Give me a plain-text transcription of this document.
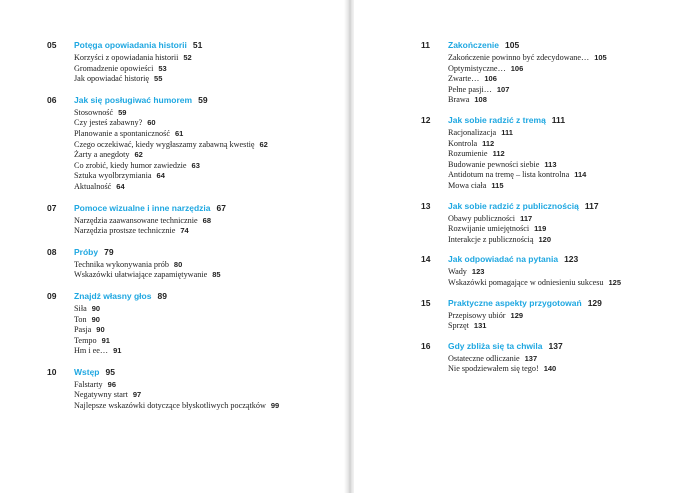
05	Potęga opowiadania historii 51
Korzyści z opowiadania historii 52
Gromadzenie opowieści 53
Jak opowiadać historię 55
06	Jak się posługiwać humorem 59
Stosowność 59
Czy jesteś zabawny? 60
Planowanie a spontaniczność 61
Czego oczekiwać, kiedy wygłaszamy zabawną kwestię 62
Żarty a anegdoty 62
Co zrobić, kiedy humor zawiedzie 63
Sztuka wyolbrzymiania 64
Aktualność 64
07	Pomoce wizualne i inne narzędzia 67
Narzędzia zaawansowane technicznie 68
Narzędzia prostsze technicznie 74
08	Próby 79
Technika wykonywania prób 80
Wskazówki ułatwiające zapamiętywanie 85
09	Znajdź własny głos 89
Siła 90
Ton 90
Pasja 90
Tempo 91
Hm i ee… 91
10	Wstęp 95
Falstarty 96
Negatywny start 97
Najlepsze wskazówki dotyczące błyskotliwych początków 99
11	Zakończenie 105
Zakończenie powinno być zdecydowane… 105
Optymistyczne… 106
Zwarte… 106
Pełne pasji… 107
Brawa 108
12	Jak sobie radzić z tremą 111
Racjonalizacja 111
Kontrola 112
Rozumienie 112
Budowanie pewności siebie 113
Antidotum na tremę – lista kontrolna 114
Mowa ciała 115
13	Jak sobie radzić z publicznością 117
Obawy publiczności 117
Rozwijanie umiejętności 119
Interakcje z publicznością 120
14	Jak odpowiadać na pytania 123
Wady 123
Wskazówki pomagające w odniesieniu sukcesu 125
15	Praktyczne aspekty przygotowań 129
Przepisowy ubiór 129
Sprzęt 131
16	Gdy zbliża się ta chwila 137
Ostateczne odliczanie 137
Nie spodziewałem się tego! 140
